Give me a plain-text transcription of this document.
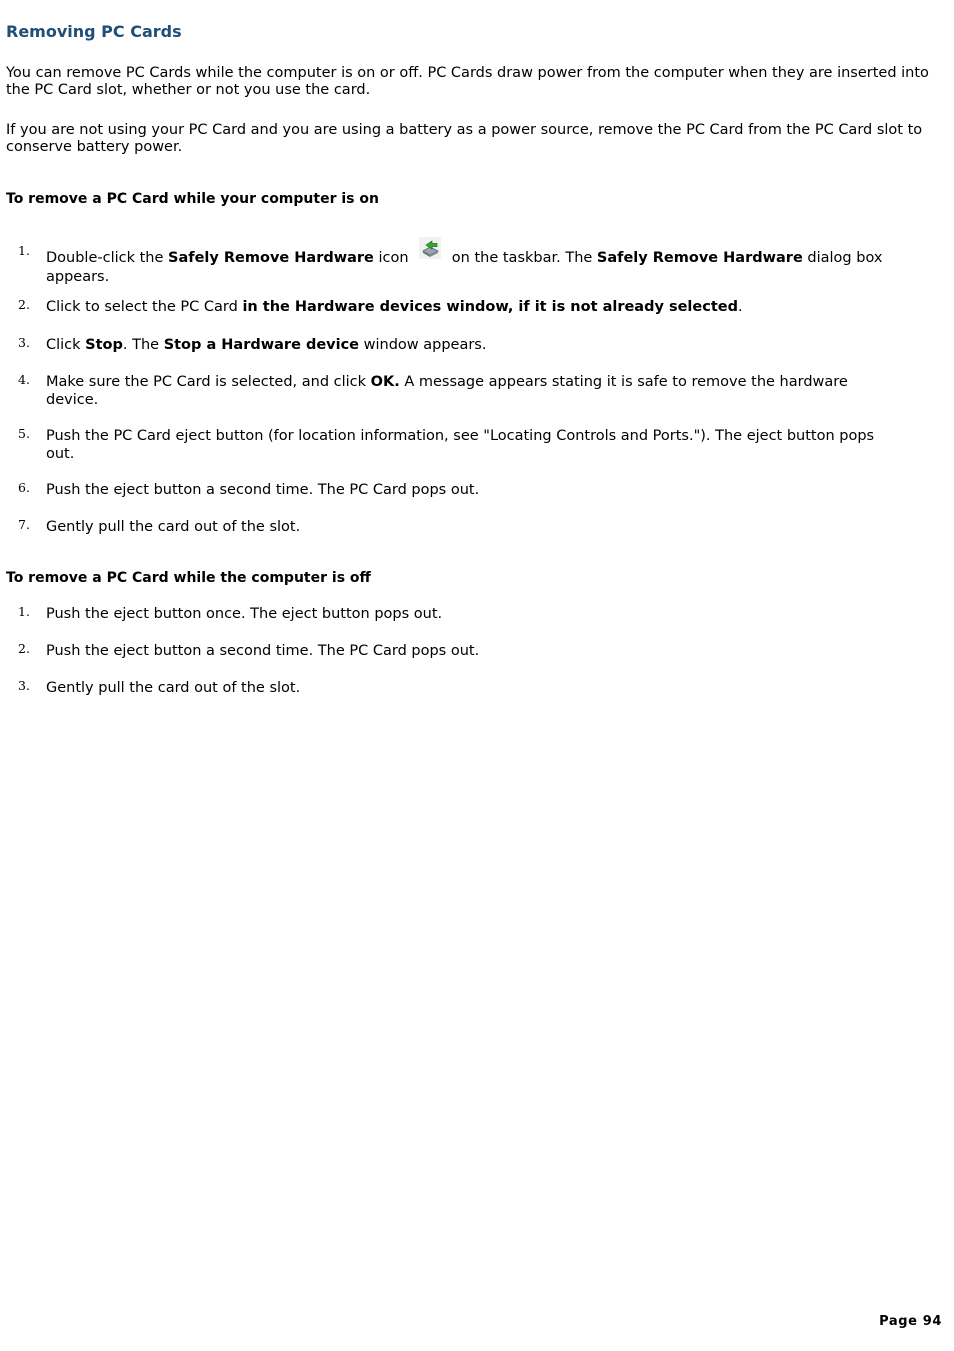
Removing PC Cards

You can remove PC Cards while the computer is on or off. PC Cards draw power from the computer when they are inserted into the PC Card slot, whether or not you use the card.

If you are not using your PC Card and you are using a battery as a power source, remove the PC Card from the PC Card slot to conserve battery power.

To remove a PC Card while your computer is on
1. Double-click the Safely Remove Hardware icon  on the taskbar. The Safely Remove Hardware dialog box appears.
2. Click to select the PC Card in the Hardware devices window, if it is not already selected.
3. Click Stop. The Stop a Hardware device window appears.
4. Make sure the PC Card is selected, and click OK. A message appears stating it is safe to remove the hardware device.
5. Push the PC Card eject button (for location information, see "Locating Controls and Ports."). The eject button pops out.
6. Push the eject button a second time. The PC Card pops out.
7. Gently pull the card out of the slot.
To remove a PC Card while the computer is off
1. Push the eject button once. The eject button pops out.
2. Push the eject button a second time. The PC Card pops out.
3. Gently pull the card out of the slot.
Page 94
